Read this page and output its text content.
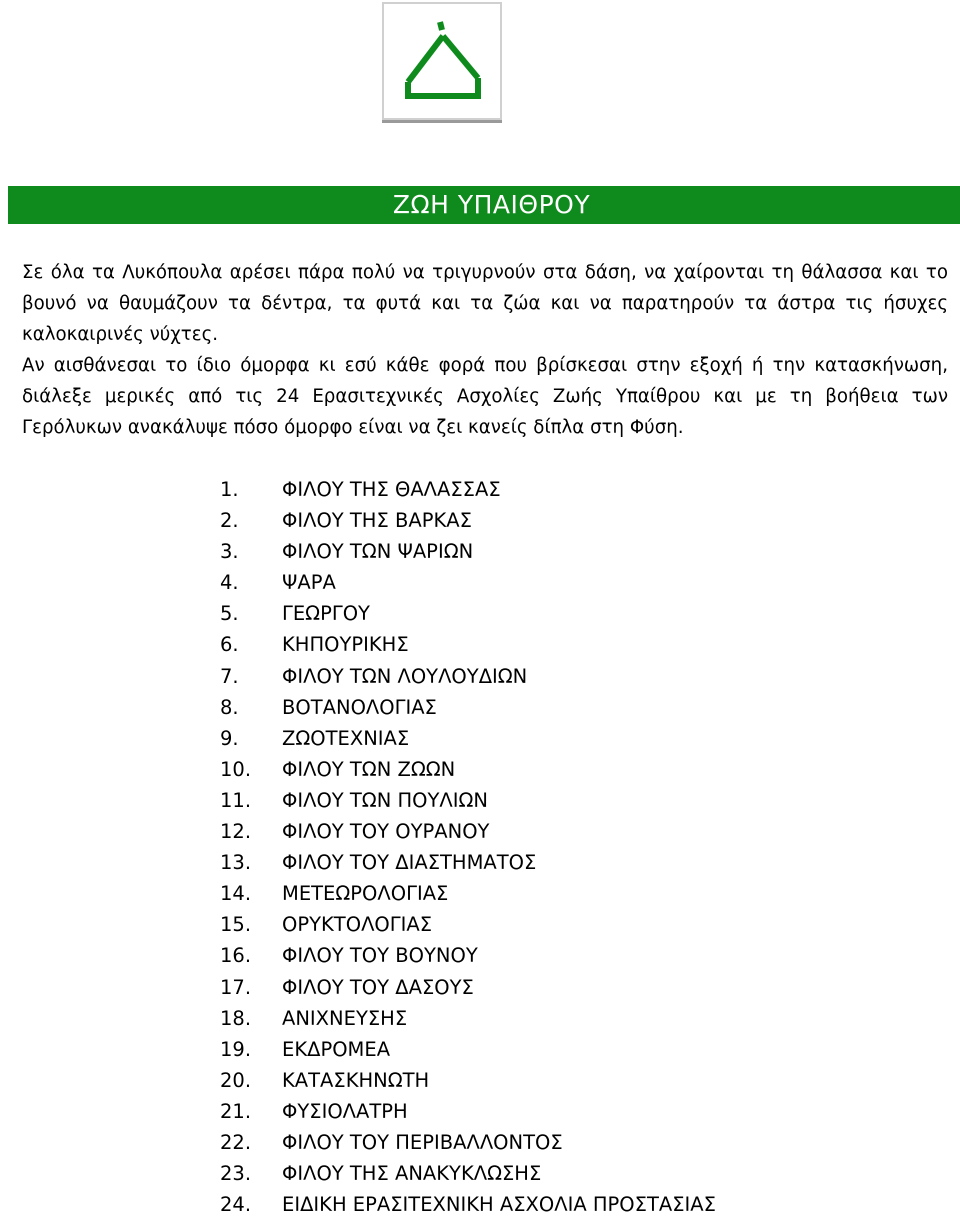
ΖΩΗ ΥΠΑΙΘΡΟΥ

Σε όλα τα Λυκόπουλα αρέσει πάρα πολύ να τριγυρνούν στα δάση, να χαίρονται τη θάλασσα και το βουνό να θαυμάζουν τα δέντρα, τα φυτά και τα ζώα και να παρατηρούν τα άστρα τις ήσυχες καλοκαιρινές νύχτες.

Αν αισθάνεσαι το ίδιο όμορφα κι εσύ κάθε φορά που βρίσκεσαι στην εξοχή ή την κατασκήνωση, διάλεξε μερικές από τις 24 Ερασιτεχνικές Ασχολίες Ζωής Υπαίθρου και με τη βοήθεια των Γερόλυκων ανακάλυψε πόσο όμορφο είναι να ζει κανείς δίπλα στη Φύση.

1. ΦΙΛΟΥ ΤΗΣ ΘΑΛΑΣΣΑΣ
2. ΦΙΛΟΥ ΤΗΣ ΒΑΡΚΑΣ
3. ΦΙΛΟΥ ΤΩΝ ΨΑΡΙΩΝ
4. ΨΑΡΑ
5. ΓΕΩΡΓΟΥ
6. ΚΗΠΟΥΡΙΚΗΣ
7. ΦΙΛΟΥ ΤΩΝ ΛΟΥΛΟΥΔΙΩΝ
8. ΒΟΤΑΝΟΛΟΓΙΑΣ
9. ΖΩΟΤΕΧΝΙΑΣ
10. ΦΙΛΟΥ ΤΩΝ ΖΩΩΝ
11. ΦΙΛΟΥ ΤΩΝ ΠΟΥΛΙΩΝ
12. ΦΙΛΟΥ ΤΟΥ ΟΥΡΑΝΟΥ
13. ΦΙΛΟΥ ΤΟΥ ΔΙΑΣΤΗΜΑΤΟΣ
14. ΜΕΤΕΩΡΟΛΟΓΙΑΣ
15. ΟΡΥΚΤΟΛΟΓΙΑΣ
16. ΦΙΛΟΥ ΤΟΥ ΒΟΥΝΟΥ
17. ΦΙΛΟΥ ΤΟΥ ΔΑΣΟΥΣ
18. ΑΝΙΧΝΕΥΣΗΣ
19. ΕΚΔΡΟΜΕΑ
20. ΚΑΤΑΣΚΗΝΩΤΗ
21. ΦΥΣΙΟΛΑΤΡΗ
22. ΦΙΛΟΥ ΤΟΥ ΠΕΡΙΒΑΛΛΟΝΤΟΣ
23. ΦΙΛΟΥ ΤΗΣ ΑΝΑΚΥΚΛΩΣΗΣ
24. ΕΙΔΙΚΗ ΕΡΑΣΙΤΕΧΝΙΚΗ ΑΣΧΟΛΙΑ ΠΡΟΣΤΑΣΙΑΣ
